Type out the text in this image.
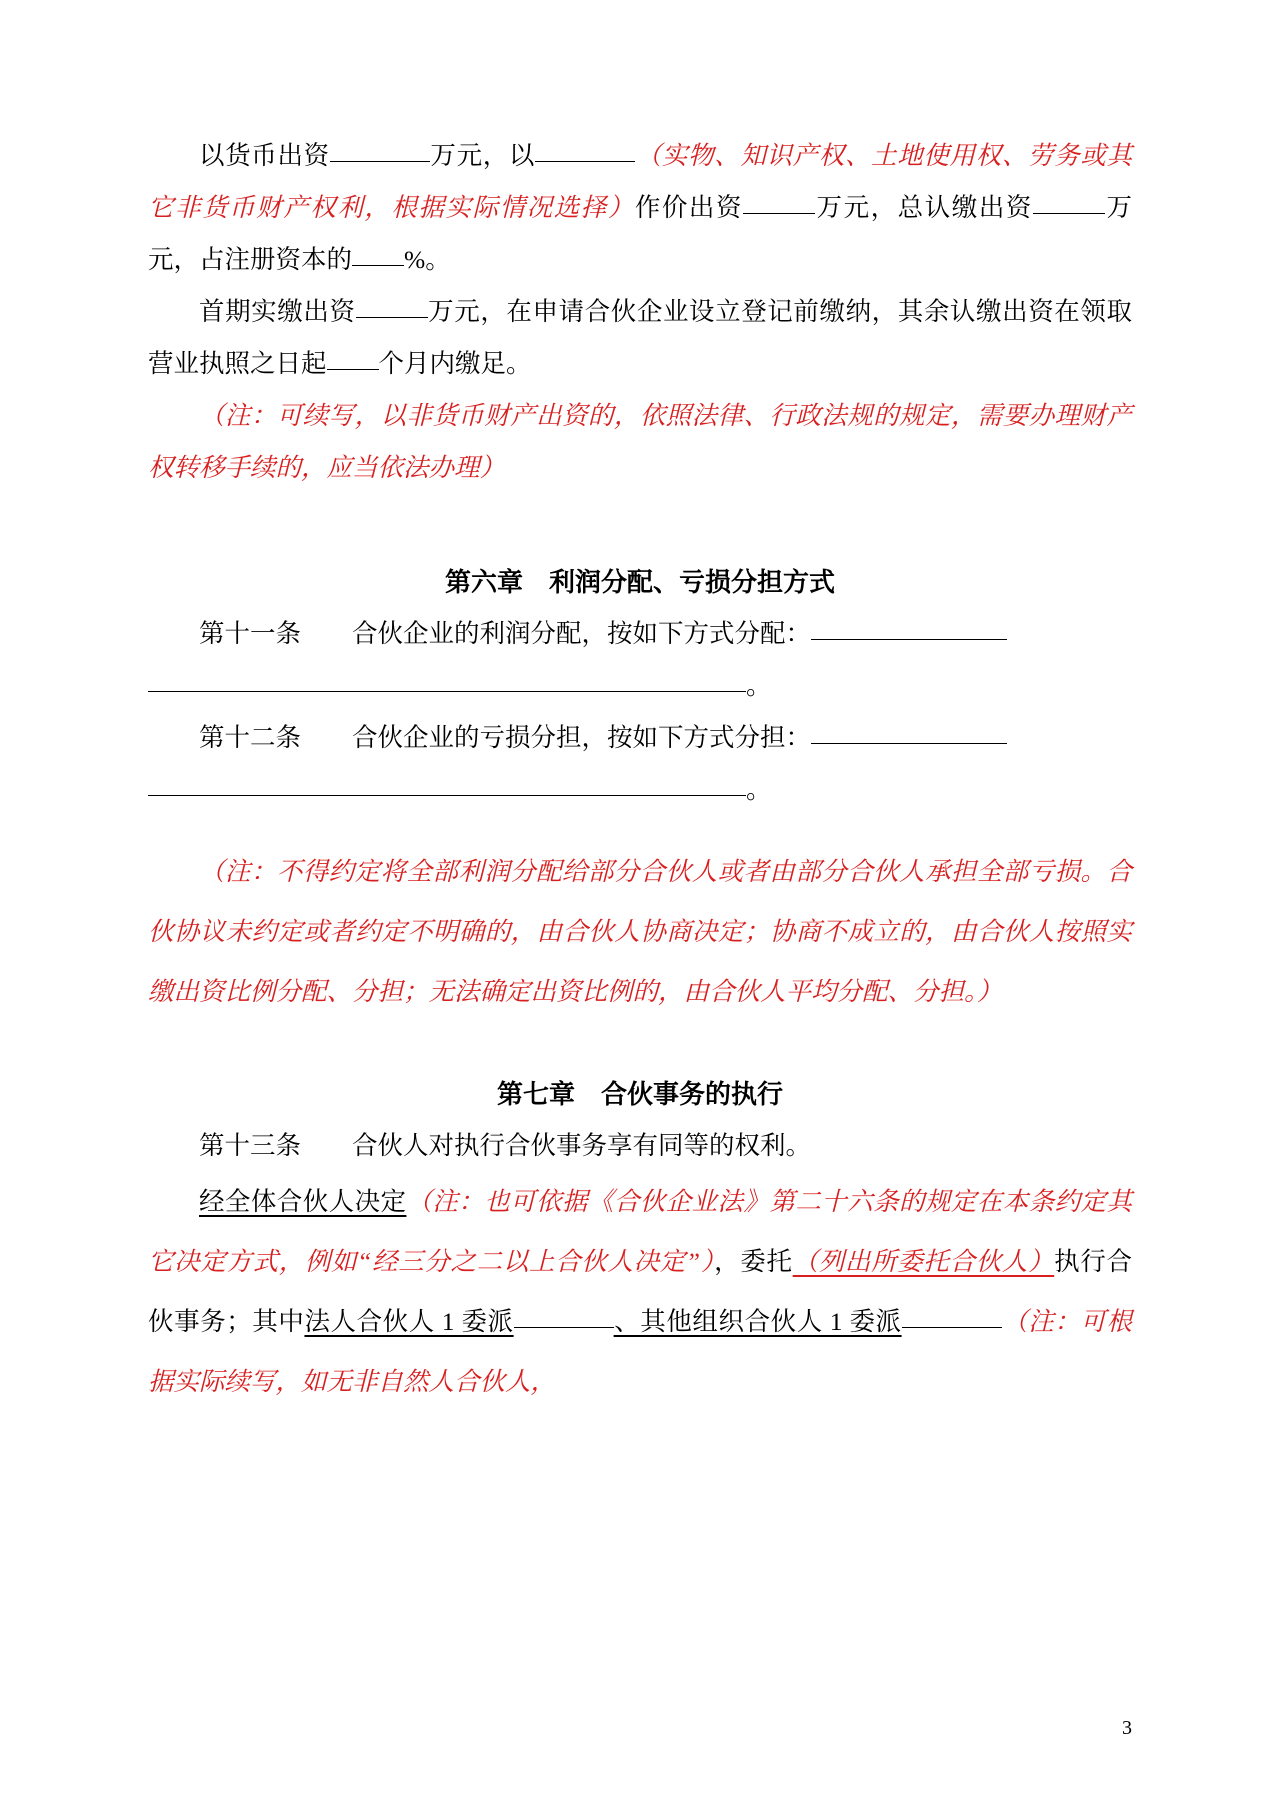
以货币出资	万元，以	（实物、知识产权、土地使用权、劳务或其它非货币财产权利，根据实际情况选择）作价出资	万元，总认缴出资	万元，占注册资本的 %。

首期实缴出资	万元，在申请合伙企业设立登记前缴纳，其余认缴出资在领取营业执照之日起 个月内缴足。

（注：可续写，以非货币财产出资的，依照法律、行政法规的规定，需要办理财产权转移手续的，应当依法办理）

第六章　利润分配、亏损分担方式

第十一条　　 合伙企业的利润分配，按如下方式分配：

。

第十二条　　 合伙企业的亏损分担，按如下方式分担：

。

（注：不得约定将全部利润分配给部分合伙人或者由部分合伙人承担全部亏损。合伙协议未约定或者约定不明确的，由合伙人协商决定；协商不成立的，由合伙人按照实缴出资比例分配、分担；无法确定出资比例的，由合伙人平均分配、分担。）

第七章　合伙事务的执行

第十三条　　 合伙人对执行合伙事务享有同等的权利。

经全体合伙人决定（注：也可依据《合伙企业法》第二十六条的规定在本条约定其它决定方式，例如“经三分之二以上合伙人决定”），委托（列出所委托合伙人）执行合伙事务；其中法人合伙人 1 委派	、其他组织合伙人 1 委派	（注：可根据实际续写，如无非自然人合伙人，

3
